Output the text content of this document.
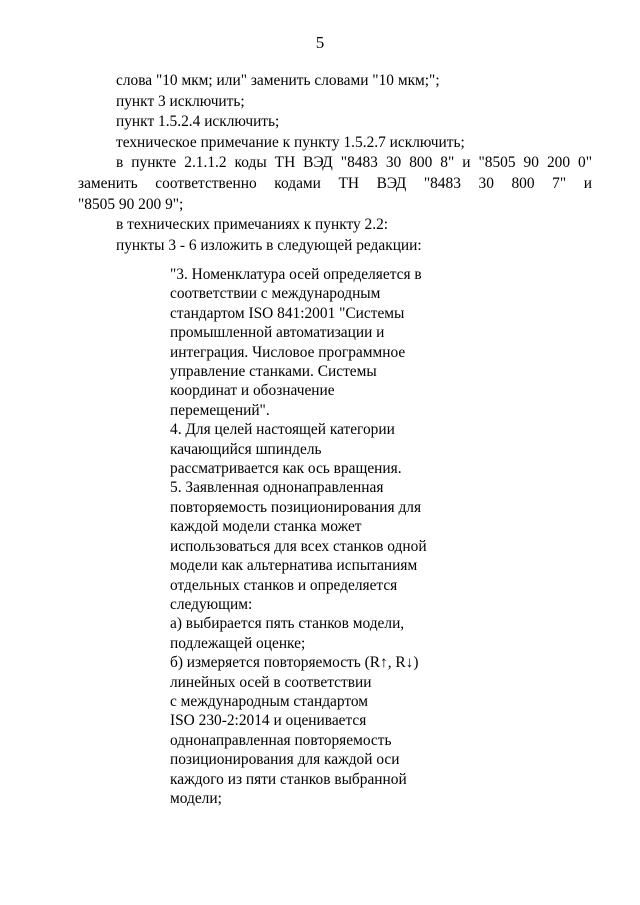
5

слова "10 мкм; или" заменить словами "10 мкм;";

пункт 3 исключить;

пункт 1.5.2.4 исключить;

техническое примечание к пункту 1.5.2.7 исключить;

в пункте 2.1.1.2 коды ТН ВЭД "8483 30 800 8" и "8505 90 200 0"

заменить соответственно кодами ТН ВЭД "8483 30 800 7" и

"8505 90 200 9";

в технических примечаниях к пункту 2.2:

пункты 3 - 6 изложить в следующей редакции:

"3. Номенклатура осей определяется в
соответствии с международным
стандартом ISO 841:2001 "Системы
промышленной автоматизации и
интеграция. Числовое программное
управление станками. Системы
координат и обозначение
перемещений".
4. Для целей настоящей категории
качающийся шпиндель
рассматривается как ось вращения.
5. Заявленная однонаправленная
повторяемость позиционирования для
каждой модели станка может
использоваться для всех станков одной
модели как альтернатива испытаниям
отдельных станков и определяется
следующим:
а) выбирается пять станков модели,
подлежащей оценке;
б) измеряется повторяемость (R↑, R↓)
линейных осей в соответствии
с международным стандартом
ISO 230-2:2014 и оценивается
однонаправленная повторяемость
позиционирования для каждой оси
каждого из пяти станков выбранной
модели;
